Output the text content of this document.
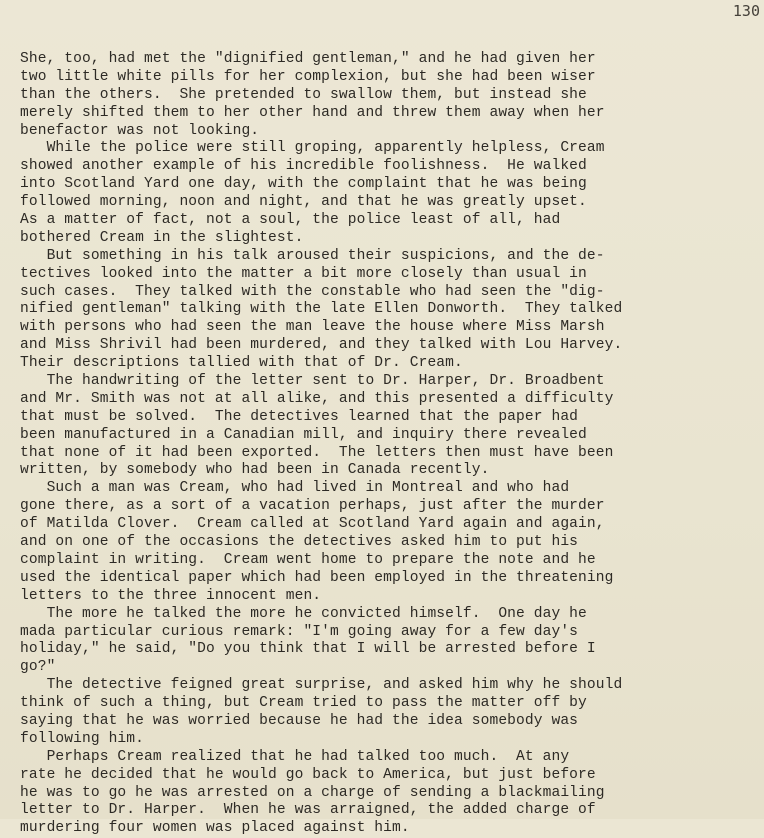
130
She, too, had met the "dignified gentleman," and he had given her
two little white pills for her complexion, but she had been wiser
than the others.  She pretended to swallow them, but instead she
merely shifted them to her other hand and threw them away when her
benefactor was not looking.
While the police were still groping, apparently helpless, Cream
showed another example of his incredible foolishness.  He walked
into Scotland Yard one day, with the complaint that he was being
followed morning, noon and night, and that he was greatly upset.
As a matter of fact, not a soul, the police least of all, had
bothered Cream in the slightest.
But something in his talk aroused their suspicions, and the de-
tectives looked into the matter a bit more closely than usual in
such cases.  They talked with the constable who had seen the "dig-
nified gentleman" talking with the late Ellen Donworth.  They talked
with persons who had seen the man leave the house where Miss Marsh
and Miss Shrivil had been murdered, and they talked with Lou Harvey.
Their descriptions tallied with that of Dr. Cream.
The handwriting of the letter sent to Dr. Harper, Dr. Broadbent
and Mr. Smith was not at all alike, and this presented a difficulty
that must be solved.  The detectives learned that the paper had
been manufactured in a Canadian mill, and inquiry there revealed
that none of it had been exported.  The letters then must have been
written, by somebody who had been in Canada recently.
Such a man was Cream, who had lived in Montreal and who had
gone there, as a sort of a vacation perhaps, just after the murder
of Matilda Clover.  Cream called at Scotland Yard again and again,
and on one of the occasions the detectives asked him to put his
complaint in writing.  Cream went home to prepare the note and he
used the identical paper which had been employed in the threatening
letters to the three innocent men.
The more he talked the more he convicted himself.  One day he
mada particular curious remark: "I'm going away for a few day's
holiday," he said, "Do you think that I will be arrested before I
go?"
The detective feigned great surprise, and asked him why he should
think of such a thing, but Cream tried to pass the matter off by
saying that he was worried because he had the idea somebody was
following him.
Perhaps Cream realized that he had talked too much.  At any
rate he decided that he would go back to America, but just before
he was to go he was arrested on a charge of sending a blackmailing
letter to Dr. Harper.  When he was arraigned, the added charge of
murdering four women was placed against him.
